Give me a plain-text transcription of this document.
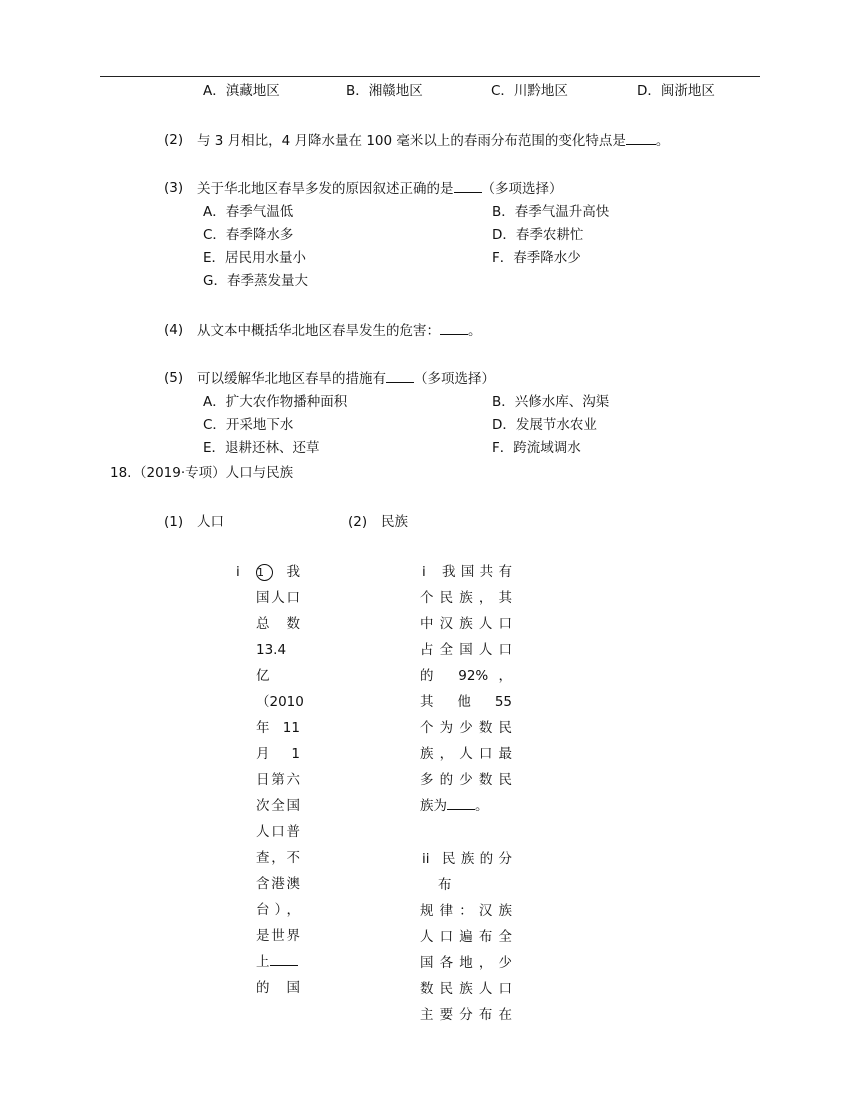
A．滇藏地区	B．湘赣地区	C．川黔地区	D．闽浙地区
(2) 与 3 月相比，4 月降水量在 100 毫米以上的春雨分布范围的变化特点是 。
(3) 关于华北地区春旱多发的原因叙述正确的是 （多项选择）
A．春季气温低	B．春季气温升高快
C．春季降水多	D．春季农耕忙
E．居民用水量小	F．春季降水少
G．春季蒸发量大
(4) 从文本中概括华北地区春旱发生的危害： 。
(5) 可以缓解华北地区春旱的措施有 （多项选择）
A．扩大农作物播种面积	B．兴修水库、沟渠
C．开采地下水	D．发展节水农业
E．退耕还林、还草	F．跨流域调水
18. （2019·专项）人口与民族
(1) 人口	(2) 民族
i 1 我
国人口
总 数
13.4
亿
（2010
年 11
月 1
日第六
次全国
人口普
查，不
含港澳
台），
是世界
上
的 国
i	我国共有
个民族，其
中汉族人口
占全国人口
的 92%，
其 他 55
个为少数民
族，人口最
多的少数民
族为 。
ii 民族的分
布
规律：汉族
人口遍布全
国各地，少
数民族人口
主要分布在
